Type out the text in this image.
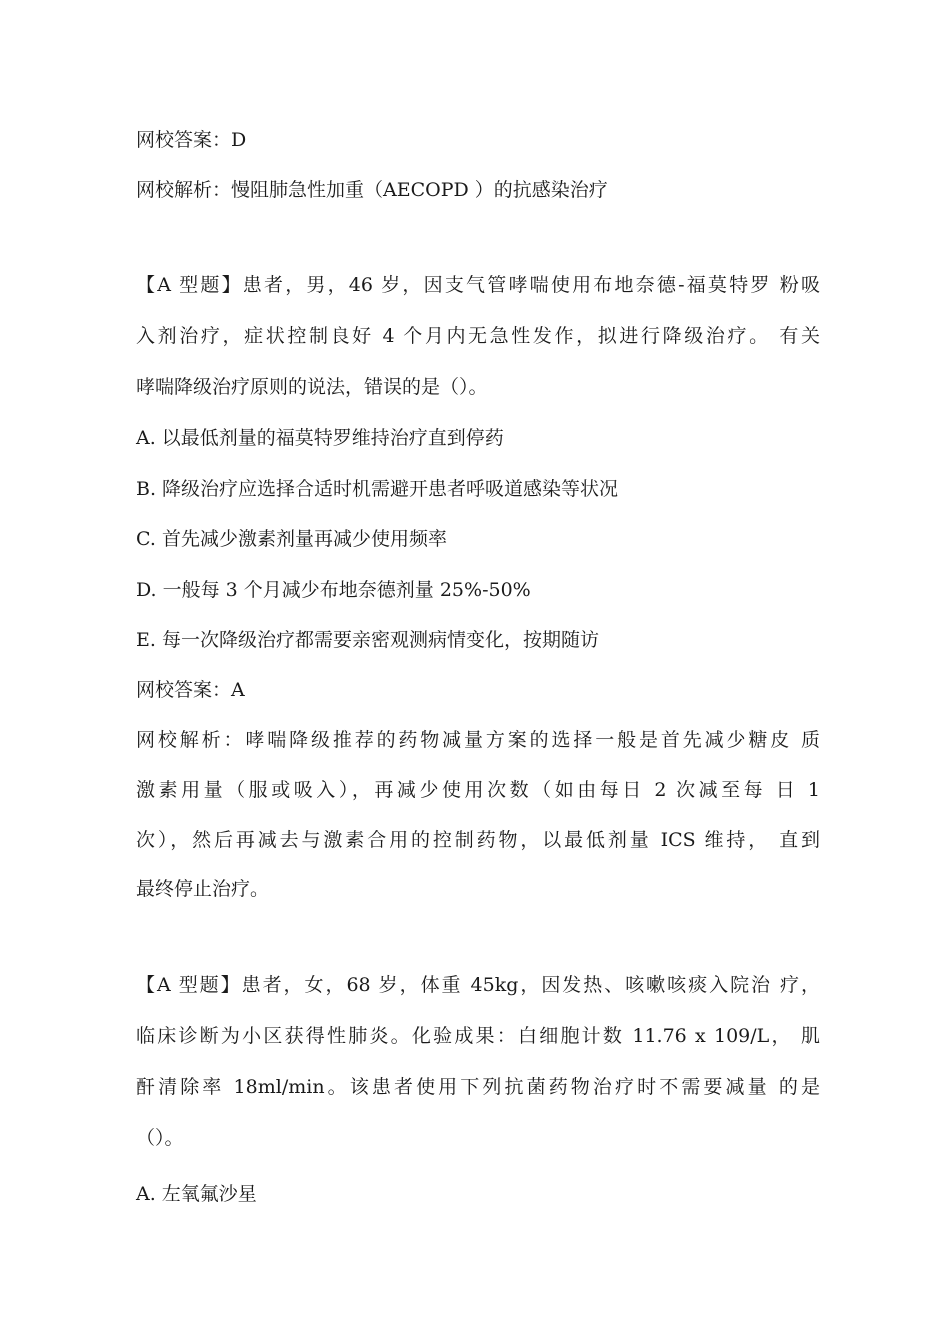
网校答案：D
网校解析：慢阻肺急性加重（AECOPD ）的抗感染治疗
【A 型题】患者，男，46 岁，因支气管哮喘使用布地奈德-福莫特罗 粉吸
入剂治疗，症状控制良好 4 个月内无急性发作，拟进行降级治疗。 有关
哮喘降级治疗原则的说法，错误的是（）。
A. 以最低剂量的福莫特罗维持治疗直到停药
B. 降级治疗应选择合适时机需避开患者呼吸道感染等状况
C. 首先减少激素剂量再减少使用频率
D. 一般每 3 个月减少布地奈德剂量 25%-50%
E. 每一次降级治疗都需要亲密观测病情变化，按期随访
网校答案：A
网校解析：哮喘降级推荐的药物减量方案的选择一般是首先减少糖皮 质
激素用量（服或吸入），再减少使用次数（如由每日 2 次减至每 日 1
次），然后再减去与激素合用的控制药物，以最低剂量 ICS 维持， 直到
最终停止治疗。
【A 型题】患者，女，68 岁，体重 45kg，因发热、咳嗽咳痰入院治 疗，
临床诊断为小区获得性肺炎。化验成果：白细胞计数 11.76 x 109/L， 肌
酐清除率 18ml/min。该患者使用下列抗菌药物治疗时不需要减量 的是
（）。
A. 左氧氟沙星
